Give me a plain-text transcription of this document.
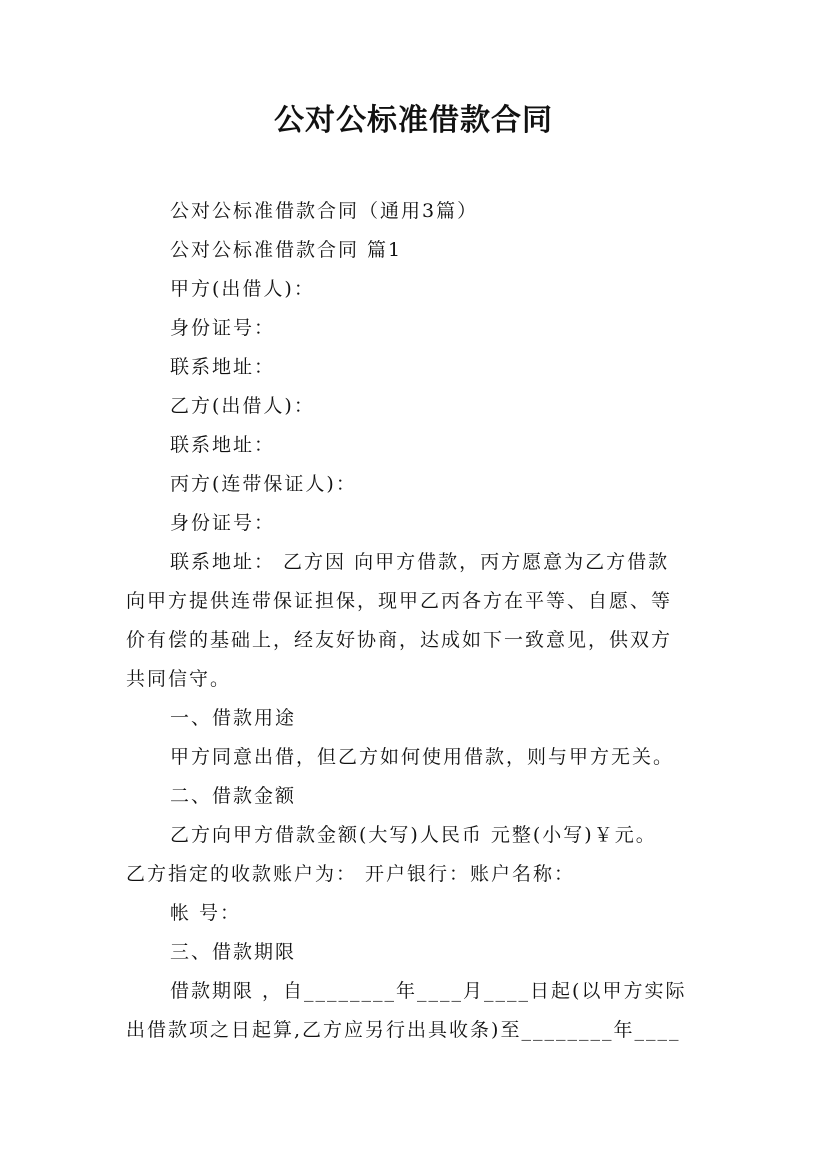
公对公标准借款合同
公对公标准借款合同（通用3篇）
公对公标准借款合同 篇1
甲方(出借人)：
身份证号：
联系地址：
乙方(出借人)：
联系地址：
丙方(连带保证人)：
身份证号：
联系地址： 乙方因 向甲方借款，丙方愿意为乙方借款
向甲方提供连带保证担保，现甲乙丙各方在平等、自愿、等
价有偿的基础上，经友好协商，达成如下一致意见，供双方
共同信守。
一、借款用途
甲方同意出借，但乙方如何使用借款，则与甲方无关。
二、借款金额
乙方向甲方借款金额(大写)人民币 元整(小写)￥元。
乙方指定的收款账户为： 开户银行：账户名称：
帐 号：
三、借款期限
借款期限 ，自________年____月____日起(以甲方实际
出借款项之日起算,乙方应另行出具收条)至________年____
